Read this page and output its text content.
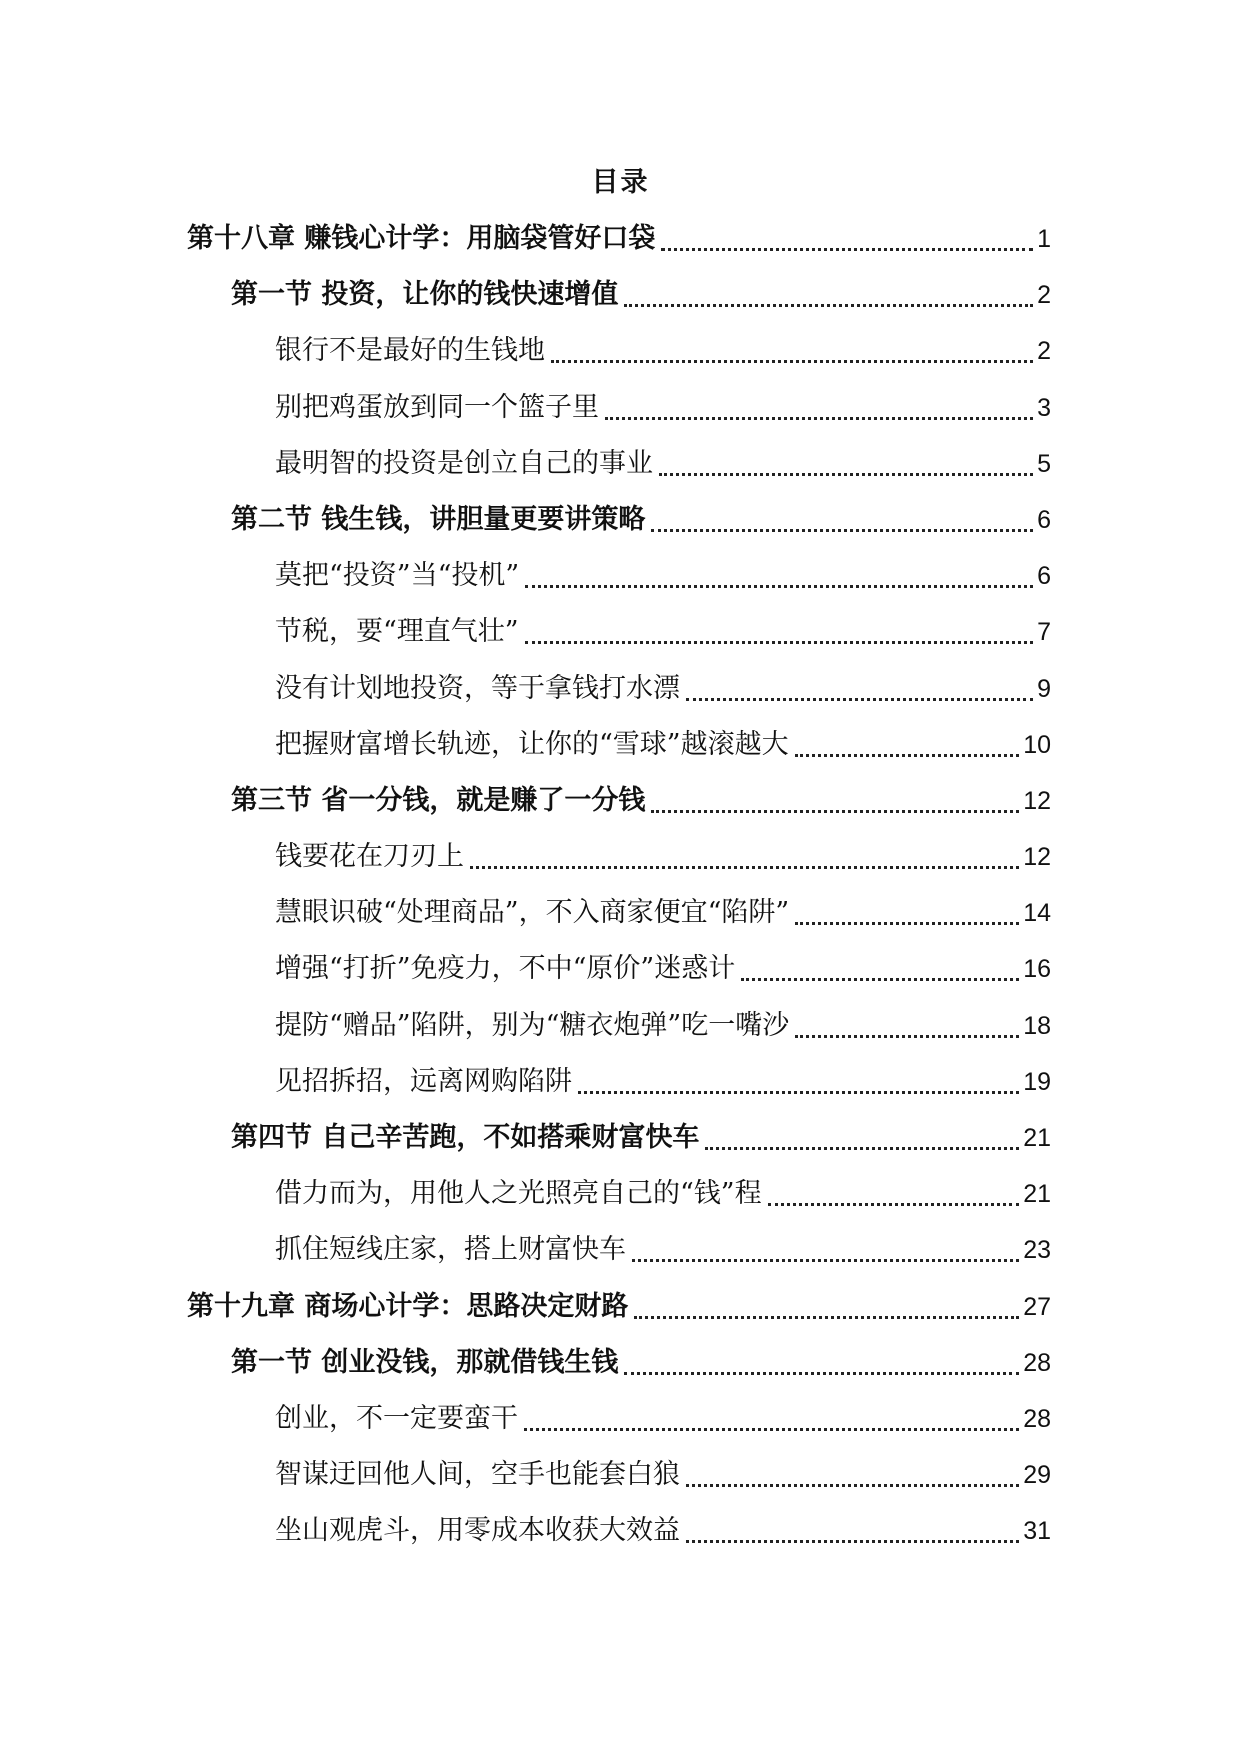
目录
第十八章 赚钱心计学：用脑袋管好口袋	1
第一节 投资，让你的钱快速增值	2
银行不是最好的生钱地	2
别把鸡蛋放到同一个篮子里	3
最明智的投资是创立自己的事业	5
第二节 钱生钱，讲胆量更要讲策略	6
莫把“投资”当“投机”	6
节税，要“理直气壮”	7
没有计划地投资，等于拿钱打水漂	9
把握财富增长轨迹，让你的“雪球”越滚越大	10
第三节 省一分钱，就是赚了一分钱	12
钱要花在刀刃上	12
慧眼识破“处理商品”，不入商家便宜“陷阱”	14
增强“打折”免疫力，不中“原价”迷惑计	16
提防“赠品”陷阱，别为“糖衣炮弹”吃一嘴沙	18
见招拆招，远离网购陷阱	19
第四节 自己辛苦跑，不如搭乘财富快车	21
借力而为，用他人之光照亮自己的“钱”程	21
抓住短线庄家，搭上财富快车	23
第十九章 商场心计学：思路决定财路	27
第一节 创业没钱，那就借钱生钱	28
创业，不一定要蛮干	28
智谋迂回他人间，空手也能套白狼	29
坐山观虎斗，用零成本收获大效益	31
